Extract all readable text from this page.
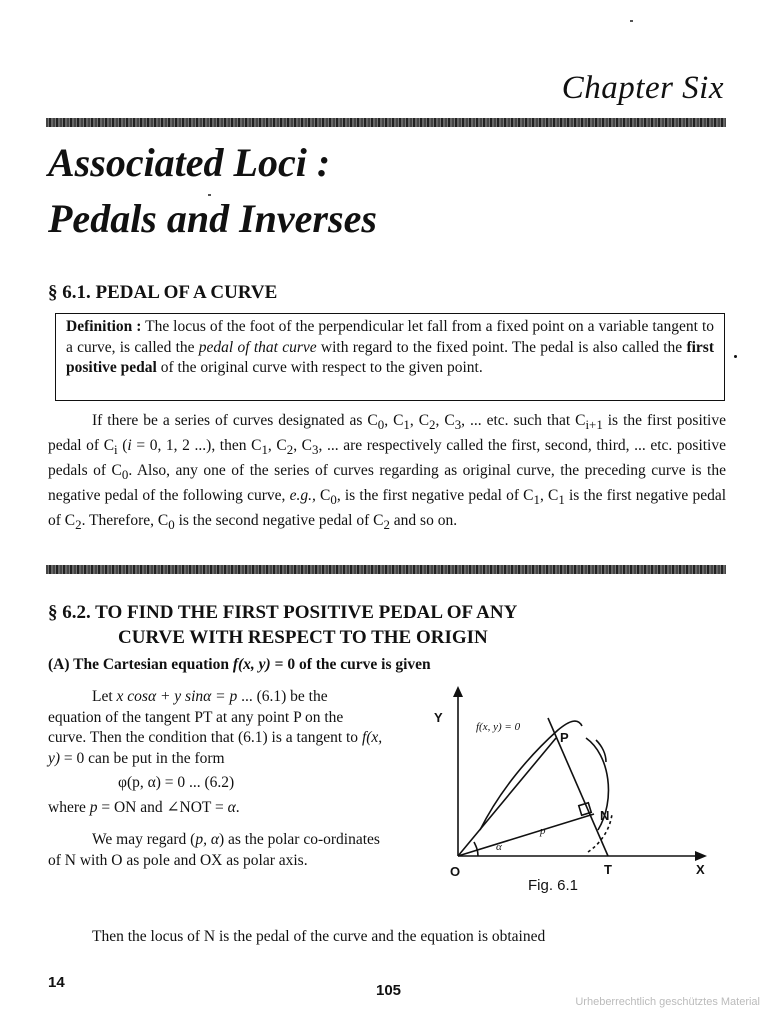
Chapter Six
Associated Loci :
Pedals and Inverses
§ 6.1. PEDAL OF A CURVE
Definition : The locus of the foot of the perpendicular let fall from a fixed point on a variable tangent to a curve, is called the pedal of that curve with regard to the fixed point. The pedal is also called the first positive pedal of the original curve with respect to the given point.
If there be a series of curves designated as $C_0$, $C_1$, $C_2$, $C_3$, ... etc. such that $C_{i+1}$ is the first positive pedal of $C_i$ (i = 0, 1, 2 ...), then $C_1$, $C_2$, $C_3$, ... are respectively called the first, second, third, ... etc. positive pedals of $C_0$. Also, any one of the series of curves regarding as original curve, the preceding curve is the negative pedal of the following curve, e.g., $C_0$, is the first negative pedal of $C_1$, $C_1$ is the first negative pedal of $C_2$. Therefore, $C_0$ is the second negative pedal of $C_2$ and so on.
§ 6.2. TO FIND THE FIRST POSITIVE PEDAL OF ANY
CURVE WITH RESPECT TO THE ORIGIN
(A) The Cartesian equation f(x, y) = 0 of the curve is given

Let x cosα + y sinα = p ... (6.1) be the equation of the tangent PT at any point P on the curve. Then the condition that (6.1) is a tangent to f(x, y) = 0 can be put in the form

φ(p, α) = 0 ... (6.2)

where p = ON and ∠NOT = α.

We may regard (p, α) as the polar co-ordinates of N with O as pole and OX as polar axis.

Y
X
O
P
N
T
f(x, y) = 0
α
p
Fig. 6.1
Then the locus of N is the pedal of the curve and the equation is obtained
14	105
Urheberrechtlich geschütztes Material
